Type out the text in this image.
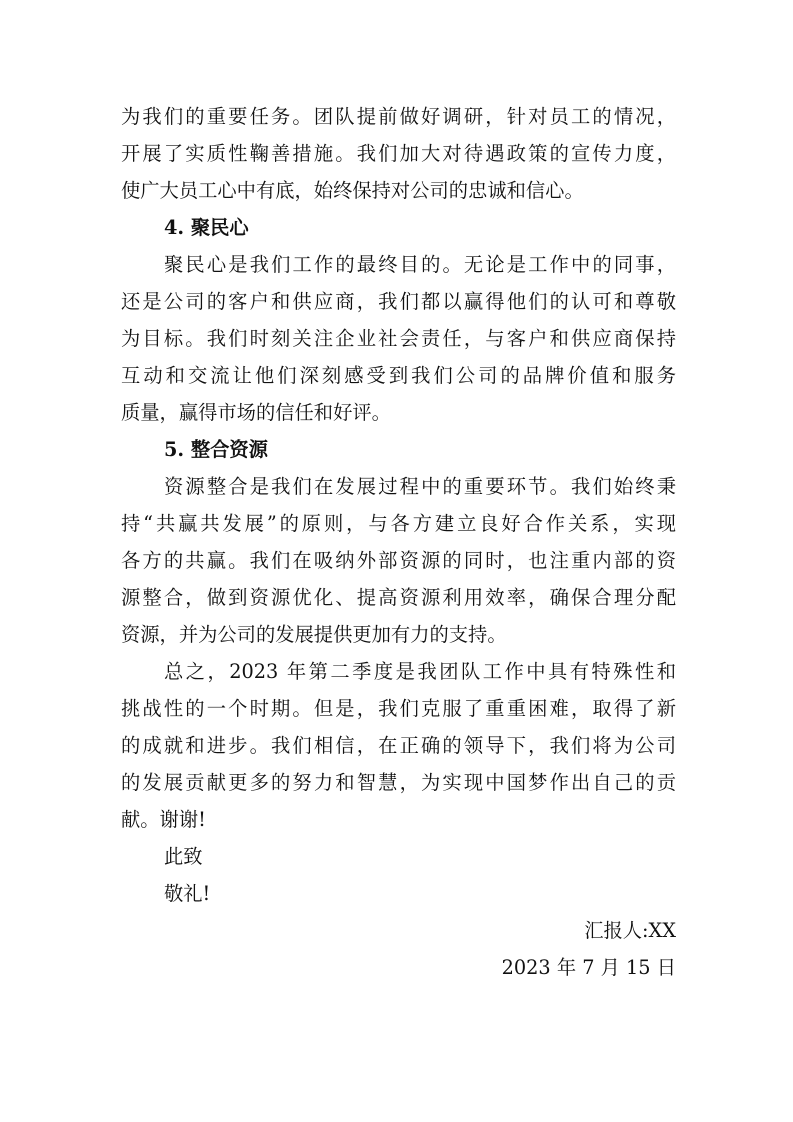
为我们的重要任务。团队提前做好调研，针对员工的情况，
开展了实质性鞠善措施。我们加大对待遇政策的宣传力度，
使广大员工心中有底，始终保持对公司的忠诚和信心。
4. 聚民心
聚民心是我们工作的最终目的。无论是工作中的同事，
还是公司的客户和供应商，我们都以赢得他们的认可和尊敬
为目标。我们时刻关注企业社会责任，与客户和供应商保持
互动和交流让他们深刻感受到我们公司的品牌价值和服务
质量，赢得市场的信任和好评。
5. 整合资源
资源整合是我们在发展过程中的重要环节。我们始终秉
持“共赢共发展”的原则，与各方建立良好合作关系，实现
各方的共赢。我们在吸纳外部资源的同时，也注重内部的资
源整合，做到资源优化、提高资源利用效率，确保合理分配
资源，并为公司的发展提供更加有力的支持。
总之，2023 年第二季度是我团队工作中具有特殊性和
挑战性的一个时期。但是，我们克服了重重困难，取得了新
的成就和进步。我们相信，在正确的领导下，我们将为公司
的发展贡献更多的努力和智慧，为实现中国梦作出自己的贡
献。谢谢!
此致
敬礼!
汇报人:XX
2023 年 7 月 15 日
